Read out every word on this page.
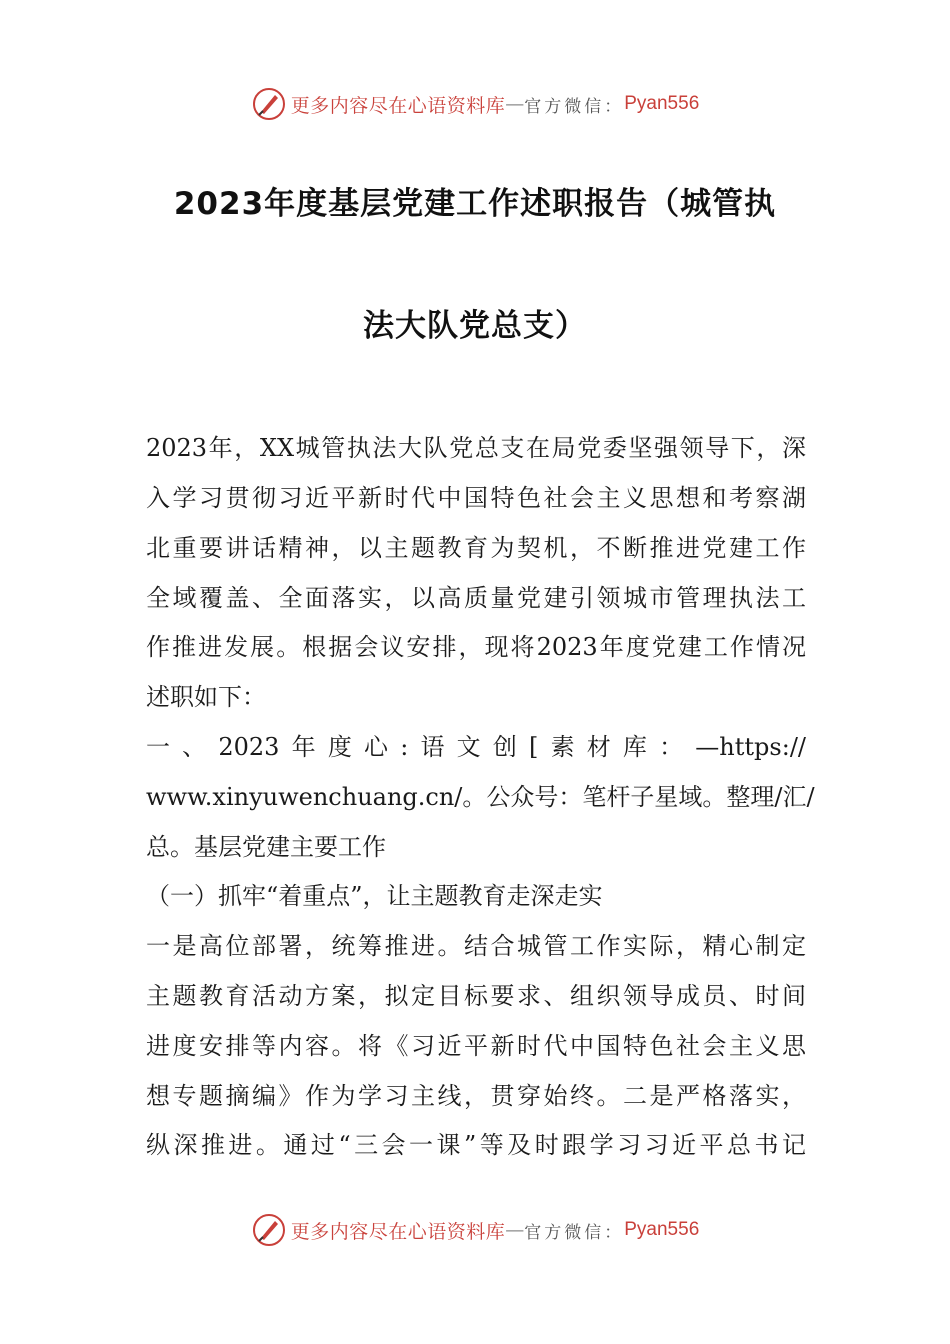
更多内容尽在心语资料库 — 官方微信： Pyan556
2023年度基层党建工作述职报告（城管执
法大队党总支）
2023年，XX城管执法大队党总支在局党委坚强领导下，深
入学习贯彻习近平新时代中国特色社会主义思想和考察湖
北重要讲话精神，以主题教育为契机，不断推进党建工作
全域覆盖、全面落实，以高质量党建引领城市管理执法工
作推进发展。根据会议安排，现将2023年度党建工作情况
述职如下：
一、2023年度心:语文创[素材库：—https://
www.xinyuwenchuang.cn/。公众号：笔杆子星域。整理/汇/
总。基层党建主要工作
（一）抓牢“着重点”，让主题教育走深走实
一是高位部署，统筹推进。结合城管工作实际，精心制定
主题教育活动方案，拟定目标要求、组织领导成员、时间
进度安排等内容。将《习近平新时代中国特色社会主义思
想专题摘编》作为学习主线，贯穿始终。二是严格落实，
纵深推进。通过“三会一课”等及时跟学习习近平总书记
更多内容尽在心语资料库 — 官方微信： Pyan556
